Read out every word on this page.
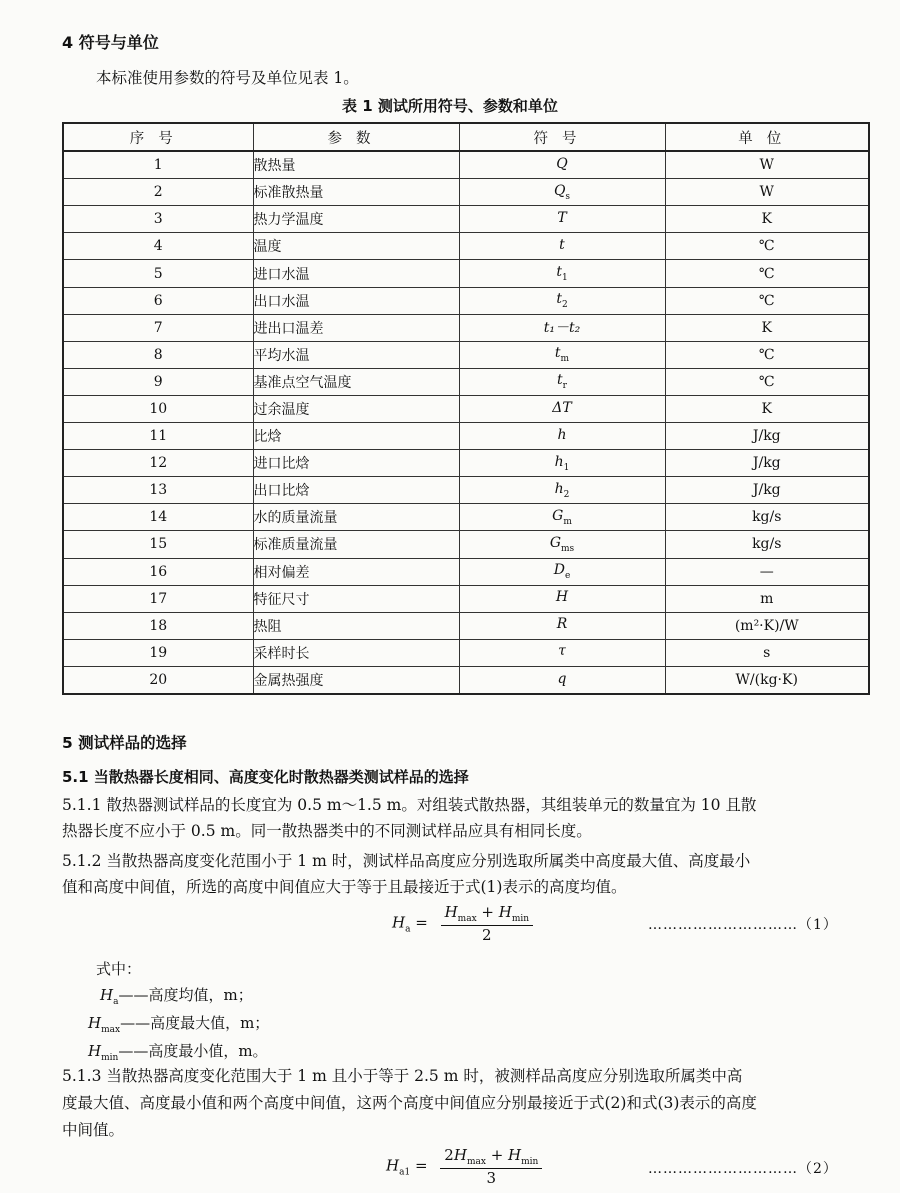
4 符号与单位
本标准使用参数的符号及单位见表 1。
表 1 测试所用符号、参数和单位
序号	参数	符号	单位
1	散热量	Q	W
2	标准散热量	$Q_s$	W
3	热力学温度	T	K
4	温度	t	℃
5	进口水温	$t_1$	℃
6	出口水温	$t_2$	℃
7	进出口温差	t₁－t₂	K
8	平均水温	$t_m$	℃
9	基准点空气温度	$t_r$	℃
10	过余温度	ΔT	K
11	比焓	h	J/kg
12	进口比焓	$h_1$	J/kg
13	出口比焓	$h_2$	J/kg
14	水的质量流量	$G_m$	kg/s
15	标准质量流量	$G_{ms}$	kg/s
16	相对偏差	$D_e$	—
17	特征尺寸	H	m
18	热阻	R	(m²·K)/W
19	采样时长	τ	s
20	金属热强度	q	W/(kg·K)
5 测试样品的选择
5.1 当散热器长度相同、高度变化时散热器类测试样品的选择
5.1.1 散热器测试样品的长度宜为 0.5 m～1.5 m。对组装式散热器，其组装单元的数量宜为 10 且散
热器长度不应小于 0.5 m。同一散热器类中的不同测试样品应具有相同长度。
5.1.2 当散热器高度变化范围小于 1 m 时，测试样品高度应分别选取所属类中高度最大值、高度最小
值和高度中间值，所选的高度中间值应大于等于且最接近于式(1)表示的高度均值。
$H_a = \frac{H_{max} + H_{min}}{2}$	…………………………（1）
式中：
$H_a——$高度均值，m；
$H_{max}——$高度最大值，m；
$H_{min}——$高度最小值，m。
5.1.3 当散热器高度变化范围大于 1 m 且小于等于 2.5 m 时，被测样品高度应分别选取所属类中高
度最大值、高度最小值和两个高度中间值，这两个高度中间值应分别最接近于式(2)和式(3)表示的高度
中间值。
$H_{a1} = \frac{2H_{max} + H_{min}}{3}$	…………………………（2）
